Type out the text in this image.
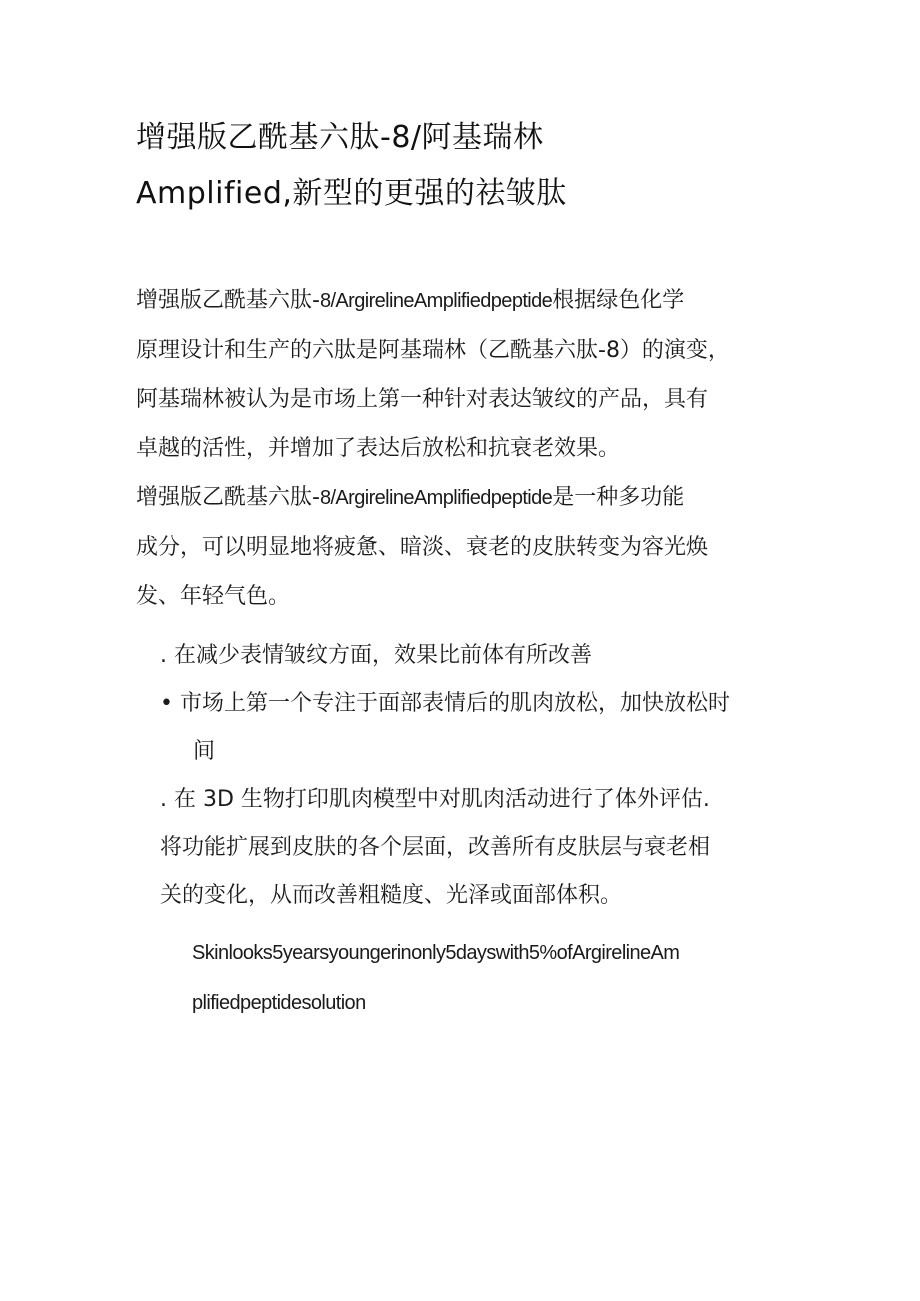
增强版乙酰基六肽-8/阿基瑞林
Amplified,新型的更强的祛皱肽

增强版乙酰基六肽-8/ArgirelineAmplifiedpeptide根据绿色化学
原理设计和生产的六肽是阿基瑞林（乙酰基六肽-8）的演变，
阿基瑞林被认为是市场上第一种针对表达皱纹的产品，具有
卓越的活性，并增加了表达后放松和抗衰老效果。

增强版乙酰基六肽-8/ArgirelineAmplifiedpeptide是一种多功能
成分，可以明显地将疲惫、暗淡、衰老的皮肤转变为容光焕
发、年轻气色。

. 在减少表情皱纹方面，效果比前体有所改善
• 市场上第一个专注于面部表情后的肌肉放松，加快放松时
间
. 在 3D 生物打印肌肉模型中对肌肉活动进行了体外评估.
将功能扩展到皮肤的各个层面，改善所有皮肤层与衰老相
关的变化，从而改善粗糙度、光泽或面部体积。

Skinlooks5yearsyoungerinonly5dayswith5%ofArgirelineAm
plifiedpeptidesolution
